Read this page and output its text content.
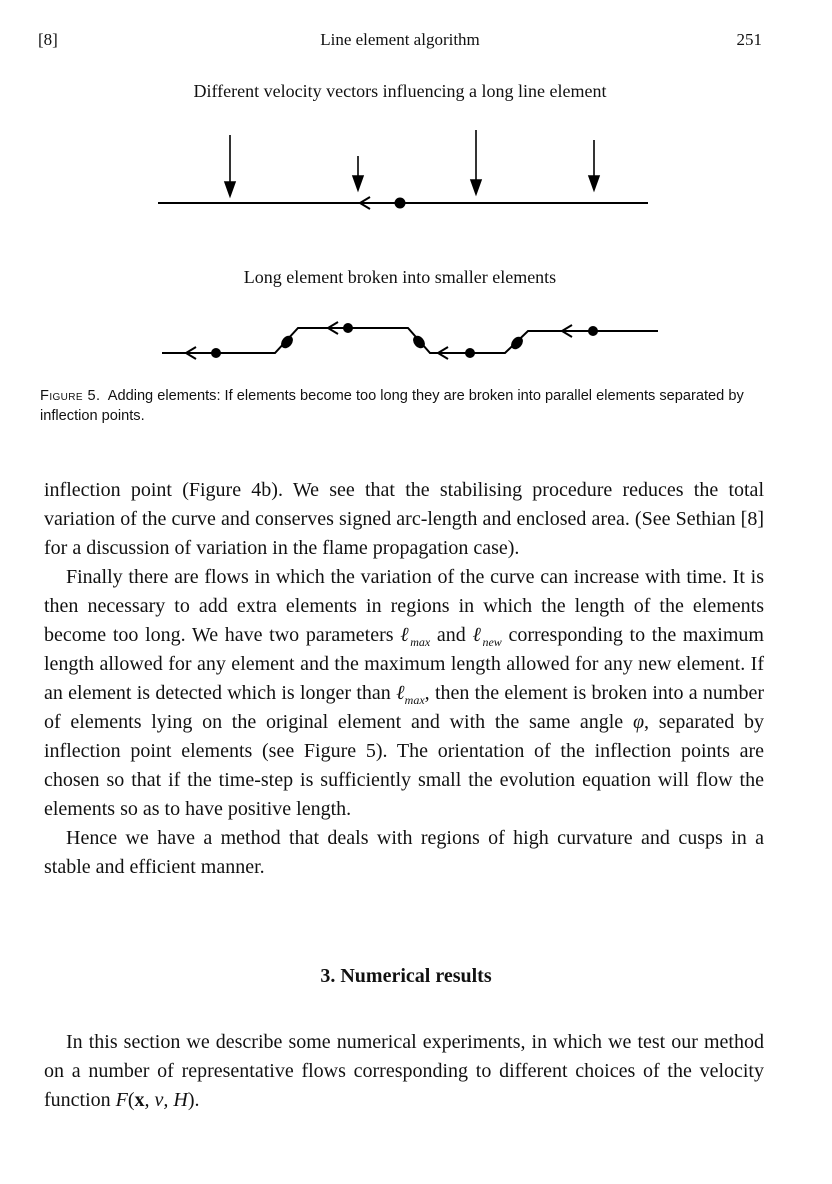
[8]	Line element algorithm	251
Different velocity vectors influencing a long line element
Long element broken into smaller elements
Figure 5. Adding elements: If elements become too long they are broken into parallel elements separated by inflection points.

inflection point (Figure 4b). We see that the stabilising procedure reduces the total variation of the curve and conserves signed arc-length and enclosed area. (See Sethian [8] for a discussion of variation in the flame propagation case).

Finally there are flows in which the variation of the curve can increase with time. It is then necessary to add extra elements in regions in which the length of the elements become too long. We have two parameters ℓ$_{max}$ and ℓ$_{new}$ corresponding to the maximum length allowed for any element and the maximum length allowed for any new element. If an element is detected which is longer than ℓ$_{max}$, then the element is broken into a number of elements lying on the original element and with the same angle φ, separated by inflection point elements (see Figure 5). The orientation of the inflection points are chosen so that if the time-step is sufficiently small the evolution equation will flow the elements so as to have positive length.

Hence we have a method that deals with regions of high curvature and cusps in a stable and efficient manner.

3. Numerical results

In this section we describe some numerical experiments, in which we test our method on a number of representative flows corresponding to different choices of the velocity function F(x, ν, H).
